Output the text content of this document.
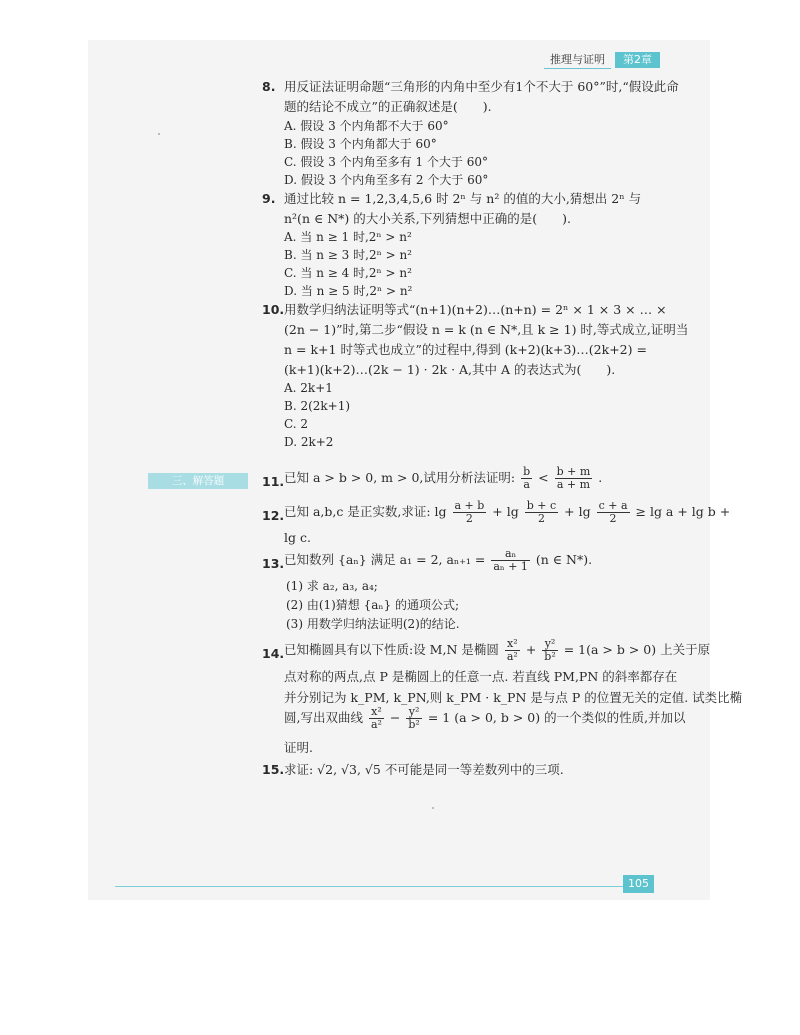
推理与证明	第2章
8. 用反证法证明命题“三角形的内角中至少有1个不大于 60°”时,“假设此命
题的结论不成立”的正确叙述是(　　).
A. 假设 3 个内角都不大于 60°
B. 假设 3 个内角都大于 60°
C. 假设 3 个内角至多有 1 个大于 60°
D. 假设 3 个内角至多有 2 个大于 60°
9. 通过比较 n = 1,2,3,4,5,6 时 2ⁿ 与 n² 的值的大小,猜想出 2ⁿ 与
n²(n ∈ N*) 的大小关系,下列猜想中正确的是(　　).
A. 当 n ≥ 1 时,2ⁿ > n²
B. 当 n ≥ 3 时,2ⁿ > n²
C. 当 n ≥ 4 时,2ⁿ > n²
D. 当 n ≥ 5 时,2ⁿ > n²
10. 用数学归纳法证明等式“(n+1)(n+2)…(n+n) = 2ⁿ × 1 × 3 × … ×
(2n − 1)”时,第二步“假设 n = k (n ∈ N*,且 k ≥ 1) 时,等式成立,证明当
n = k+1 时等式也成立”的过程中,得到 (k+2)(k+3)…(2k+2) =
(k+1)(k+2)…(2k − 1) · 2k · A,其中 A 的表达式为(　　).
A. 2k+1
B. 2(2k+1)
C. 2
D. 2k+2
三、解答题	11. 已知 a > b > 0, m > 0,试用分析法证明: $\frac{b}{a} < \frac{b + m}{a + m}$ .
12. 已知 a,b,c 是正实数,求证: $\lg \frac{a + b}{2} + \lg \frac{b + c}{2} + \lg \frac{c + a}{2} \ge \lg a + \lg b$ +
lg c.
13. 已知数列 {aₙ} 满足 a₁ = 2, $a_{n+1} = \frac{\text{aₙ}}{\text{aₙ + 1}} (n$ ∈ N*).
(1) 求 a₂, a₃, a₄;
(2) 由(1)猜想 {aₙ} 的通项公式;
(3) 用数学归纳法证明(2)的结论.
14. 已知椭圆具有以下性质:设 M,N 是椭圆 $\frac{\text{x²}}{\text{a²}} + \frac{\text{y²}}{\text{b²}} = 1(a > b > 0)$ 上关于原
点对称的两点,点 P 是椭圆上的任意一点. 若直线 PM,PN 的斜率都存在
并分别记为 k_PM, k_PN,则 k_PM · k_PN 是与点 P 的位置无关的定值. 试类比椭
圆,写出双曲线 $\frac{\text{x²}}{\text{a²}} - \frac{\text{y²}}{\text{b²}} = 1$ (a > 0, b > 0) 的一个类似的性质,并加以
证明.
15. 求证: √2, √3, √5 不可能是同一等差数列中的三项.
105
